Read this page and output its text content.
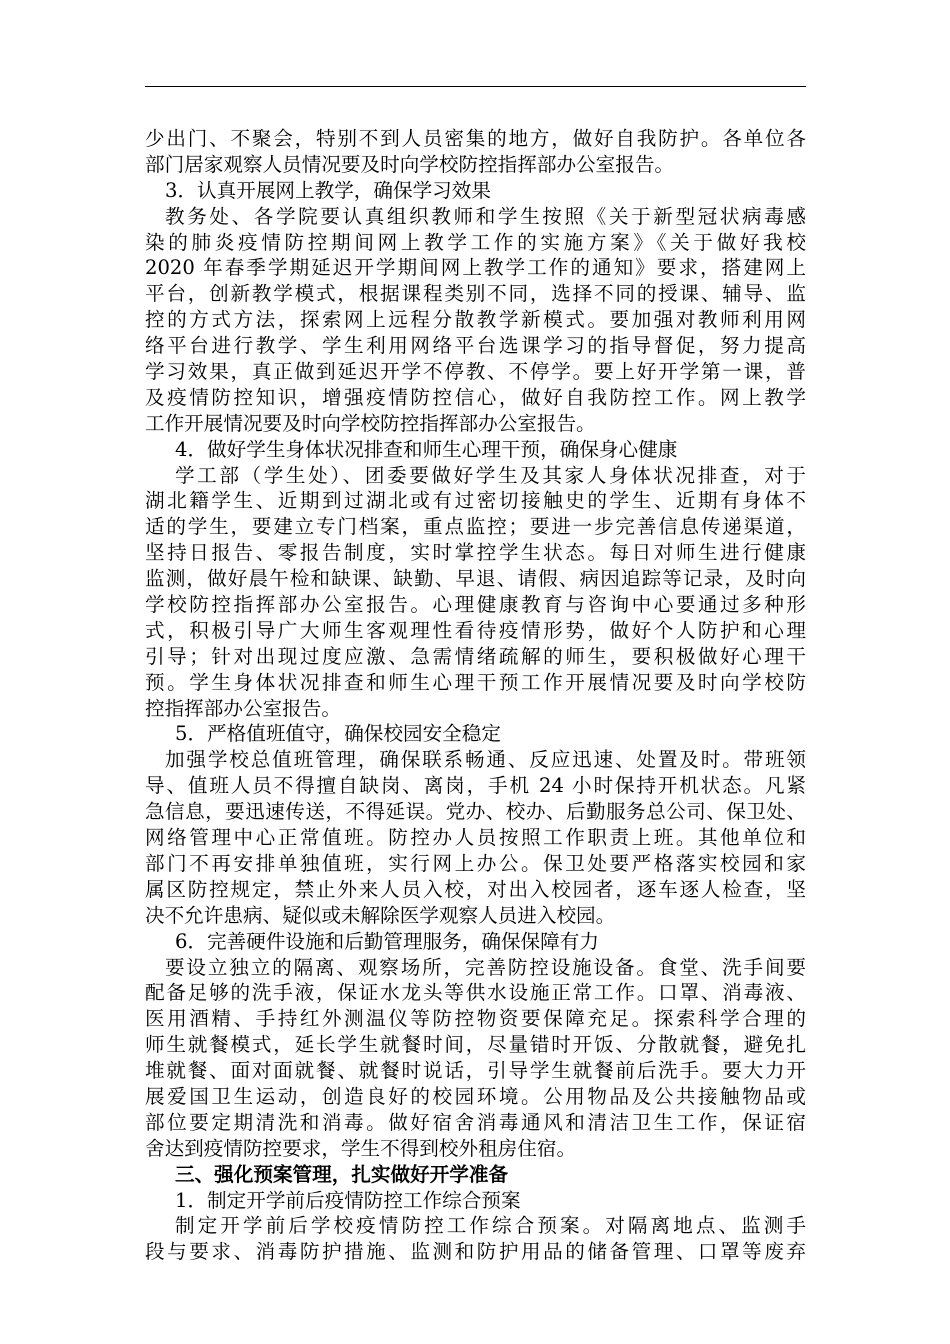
少出门、不聚会，特别不到人员密集的地方，做好自我防护。各单位各
部门居家观察人员情况要及时向学校防控指挥部办公室报告。
3．认真开展网上教学，确保学习效果
教务处、各学院要认真组织教师和学生按照《关于新型冠状病毒感
染的肺炎疫情防控期间网上教学工作的实施方案》《关于做好我校
2020 年春季学期延迟开学期间网上教学工作的通知》要求，搭建网上
平台，创新教学模式，根据课程类别不同，选择不同的授课、辅导、监
控的方式方法，探索网上远程分散教学新模式。要加强对教师利用网
络平台进行教学、学生利用网络平台选课学习的指导督促，努力提高
学习效果，真正做到延迟开学不停教、不停学。要上好开学第一课，普
及疫情防控知识，增强疫情防控信心，做好自我防控工作。网上教学
工作开展情况要及时向学校防控指挥部办公室报告。
4．做好学生身体状况排查和师生心理干预，确保身心健康
学工部（学生处）、团委要做好学生及其家人身体状况排查，对于
湖北籍学生、近期到过湖北或有过密切接触史的学生、近期有身体不
适的学生，要建立专门档案，重点监控；要进一步完善信息传递渠道，
坚持日报告、零报告制度，实时掌控学生状态。每日对师生进行健康
监测，做好晨午检和缺课、缺勤、早退、请假、病因追踪等记录，及时向
学校防控指挥部办公室报告。心理健康教育与咨询中心要通过多种形
式，积极引导广大师生客观理性看待疫情形势，做好个人防护和心理
引导；针对出现过度应激、急需情绪疏解的师生，要积极做好心理干
预。学生身体状况排查和师生心理干预工作开展情况要及时向学校防
控指挥部办公室报告。
5．严格值班值守，确保校园安全稳定
加强学校总值班管理，确保联系畅通、反应迅速、处置及时。带班领
导、值班人员不得擅自缺岗、离岗，手机 24 小时保持开机状态。凡紧
急信息，要迅速传送，不得延误。党办、校办、后勤服务总公司、保卫处、
网络管理中心正常值班。防控办人员按照工作职责上班。其他单位和
部门不再安排单独值班，实行网上办公。保卫处要严格落实校园和家
属区防控规定，禁止外来人员入校，对出入校园者，逐车逐人检查，坚
决不允许患病、疑似或未解除医学观察人员进入校园。
6．完善硬件设施和后勤管理服务，确保保障有力
要设立独立的隔离、观察场所，完善防控设施设备。食堂、洗手间要
配备足够的洗手液，保证水龙头等供水设施正常工作。口罩、消毒液、
医用酒精、手持红外测温仪等防控物资要保障充足。探索科学合理的
师生就餐模式，延长学生就餐时间，尽量错时开饭、分散就餐，避免扎
堆就餐、面对面就餐、就餐时说话，引导学生就餐前后洗手。要大力开
展爱国卫生运动，创造良好的校园环境。公用物品及公共接触物品或
部位要定期清洗和消毒。做好宿舍消毒通风和清洁卫生工作，保证宿
舍达到疫情防控要求，学生不得到校外租房住宿。
三、强化预案管理，扎实做好开学准备
1．制定开学前后疫情防控工作综合预案
制定开学前后学校疫情防控工作综合预案。对隔离地点、监测手
段与要求、消毒防护措施、监测和防护用品的储备管理、口罩等废弃
